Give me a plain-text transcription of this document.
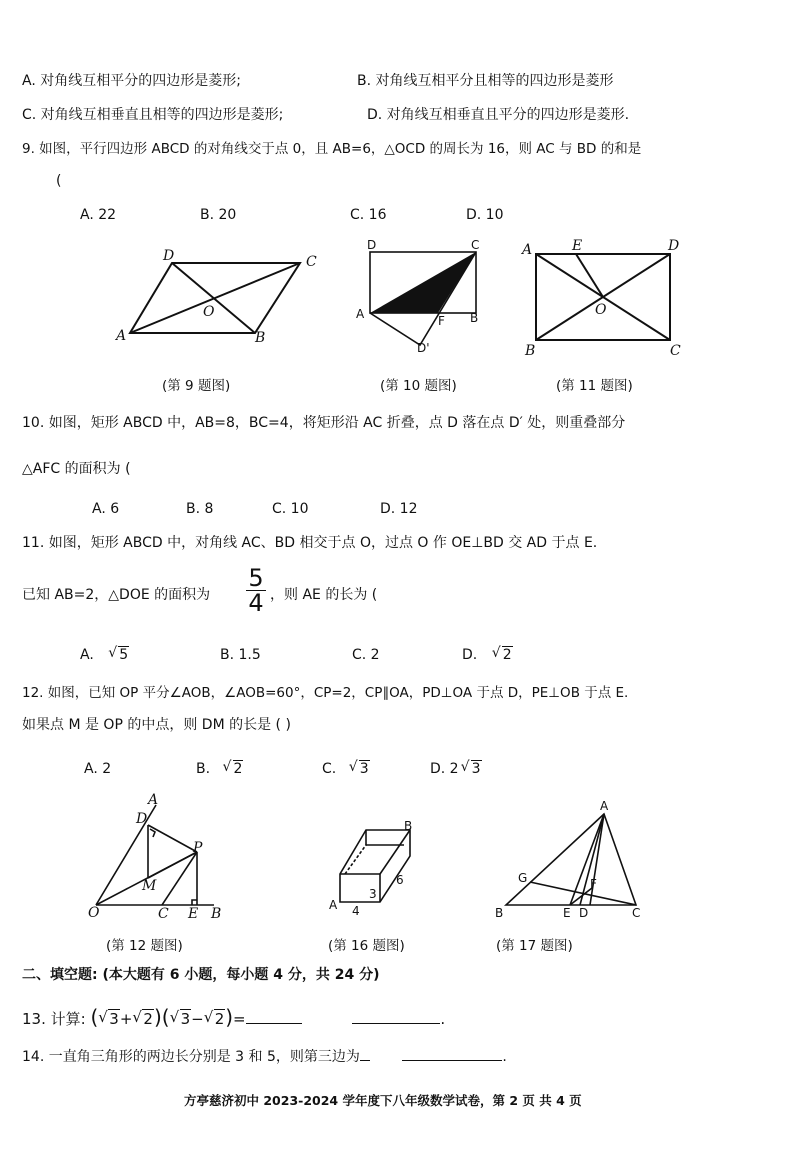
A. 对角线互相平分的四边形是菱形;	B. 对角线互相平分且相等的四边形是菱形
C. 对角线互相垂直且相等的四边形是菱形;	D. 对角线互相垂直且平分的四边形是菱形.
9. 如图，平行四边形 ABCD 的对角线交于点 0，且 AB=6，△OCD 的周长为 16，则 AC 与 BD 的和是
(
A. 22	B. 20	C. 16	D. 10
D	C
O
A	B
D	C
A	F B
D'
A	E	D
O
B	C
(第 9 题图)	(第 10 题图)	(第 11 题图)
10. 如图，矩形 ABCD 中，AB=8，BC=4，将矩形沿 AC 折叠，点 D 落在点 D′ 处，则重叠部分
△AFC 的面积为 (
A. 6	B. 8	C. 10	D. 12
11. 如图，矩形 ABCD 中，对角线 AC、BD 相交于点 O，过点 O 作 OE⊥BD 交 AD 于点 E.
已知 AB=2，△DOE 的面积为 $\frac{5}{4}$ ，则 AE 的长为 (
A. √ 5	B. 1.5	C. 2	D. √ 2
12. 如图，已知 OP 平分∠AOB，∠AOB=60°，CP=2，CP∥OA，PD⊥OA 于点 D，PE⊥OB 于点 E.
如果点 M 是 OP 的中点，则 DM 的长是 ( )
A. 2	B. √ 2	C. √ 3	D. 2 √ 3
A
D
P
M
O	C E B
B
6
3
A 4
A
G	F
B	E D	C
(第 12 题图)	(第 16 题图)	(第 17 题图)
二、填空题: (本大题有 6 小题，每小题 4 分，共 24 分)
13. 计算: ( √ 3+ √ 2)( √ 3− √ 2)=	.
14. 一直角三角形的两边长分别是 3 和 5，则第三边为	.
方亭慈济初中 2023-2024 学年度下八年级数学试卷，第 2 页 共 4 页
